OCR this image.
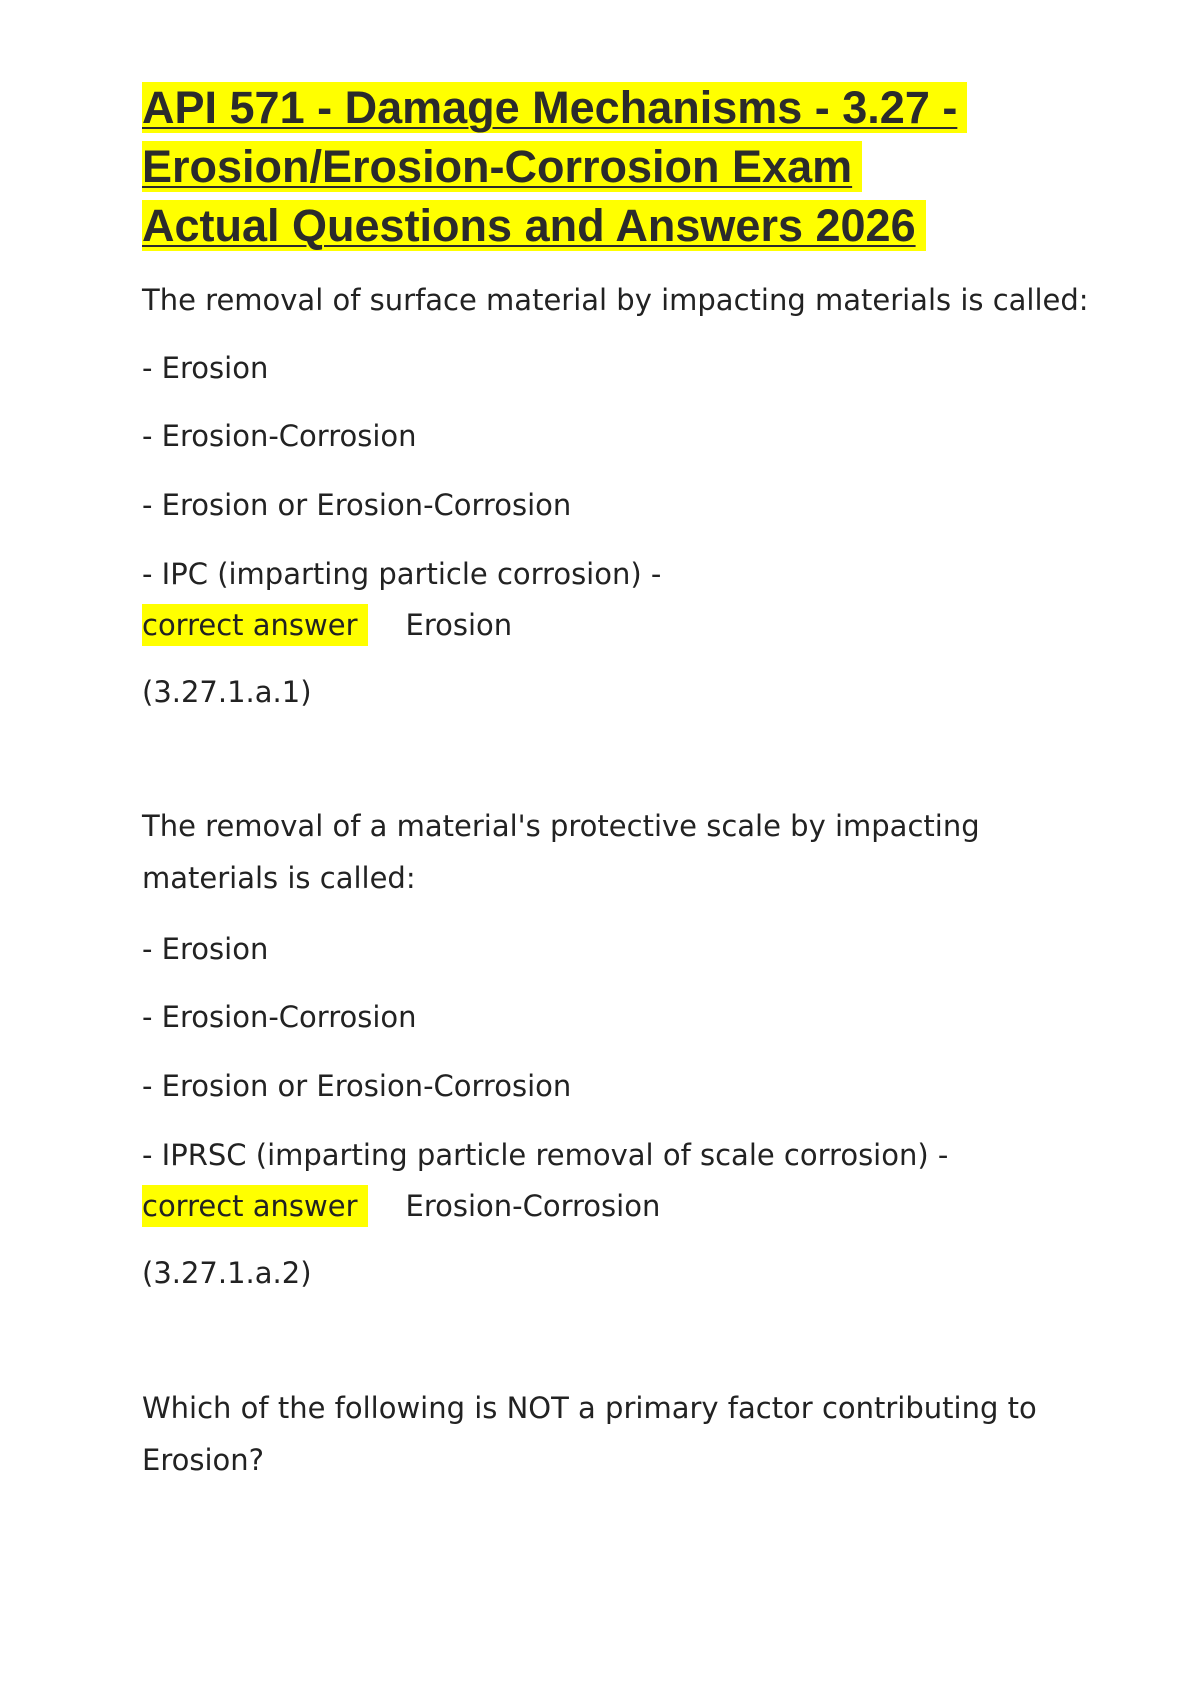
API 571 - Damage Mechanisms - 3.27 -
Erosion/Erosion-Corrosion Exam
Actual Questions and Answers 2026

The removal of surface material by impacting materials is called:

- Erosion

- Erosion-Corrosion

- Erosion or Erosion-Corrosion

- IPC (imparting particle corrosion) -

correct answer Erosion

(3.27.1.a.1)

The removal of a material's protective scale by impacting materials is called:

- Erosion

- Erosion-Corrosion

- Erosion or Erosion-Corrosion

- IPRSC (imparting particle removal of scale corrosion) -

correct answer Erosion-Corrosion

(3.27.1.a.2)

Which of the following is NOT a primary factor contributing to Erosion?
